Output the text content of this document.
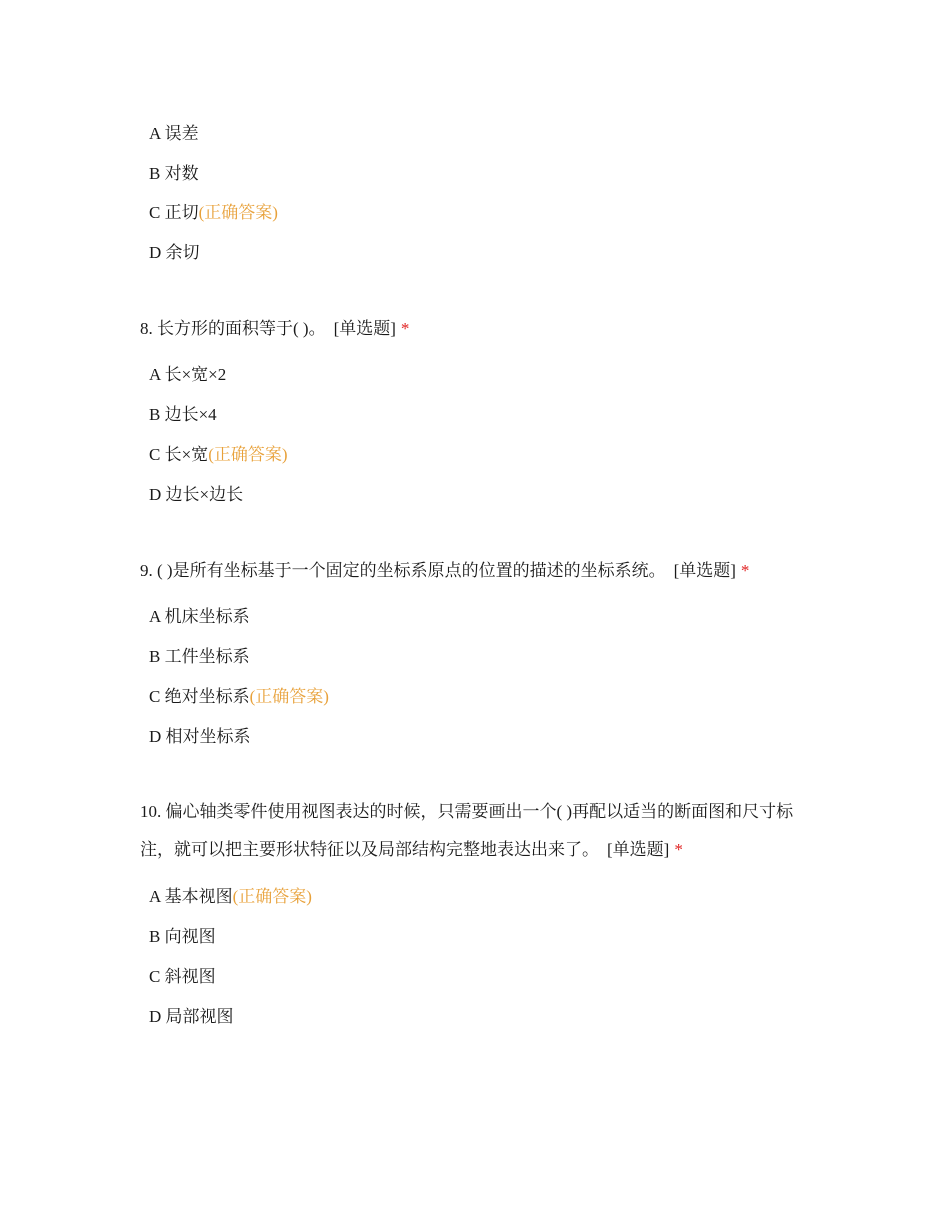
A 误差
B 对数
C 正切(正确答案)
D 余切
8. 长方形的面积等于( )。 [单选题] *
A 长×宽×2
B 边长×4
C 长×宽(正确答案)
D 边长×边长
9. ( )是所有坐标基于一个固定的坐标系原点的位置的描述的坐标系统。 [单选题] *
A 机床坐标系
B 工件坐标系
C 绝对坐标系(正确答案)
D 相对坐标系
10. 偏心轴类零件使用视图表达的时候，只需要画出一个( )再配以适当的断面图和尺寸标注，就可以把主要形状特征以及局部结构完整地表达出来了。 [单选题] *
A 基本视图(正确答案)
B 向视图
C 斜视图
D 局部视图
